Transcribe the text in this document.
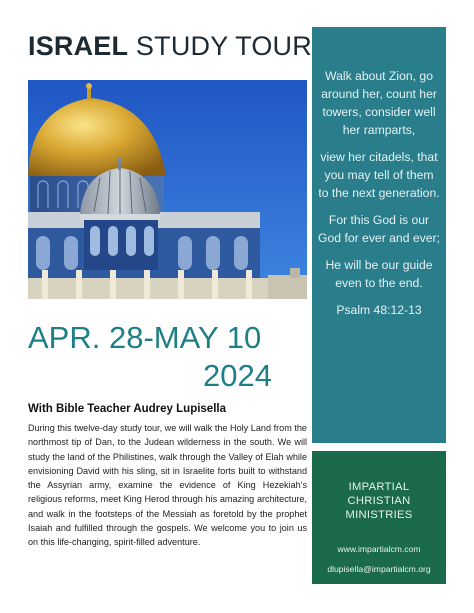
ISRAEL STUDY TOUR
APR. 28-MAY 10
2024
With Bible Teacher Audrey Lupisella
During this twelve-day study tour, we will walk the Holy Land from the northmost tip of Dan, to the Judean wilderness in the south. We will study the land of the Philistines, walk through the Valley of Elah while envisioning David with his sling, sit in Israelite forts built to withstand the Assyrian army, examine the evidence of King Hezekiah's religious reforms, meet King Herod through his amazing architecture, and walk in the footsteps of the Messiah as foretold by the prophet Isaiah and fulfilled through the gospels. We welcome you to join us on this life-changing, spirit-filled adventure.

Walk about Zion, go around her, count her towers, consider well her ramparts,

view her citadels, that you may tell of them to the next generation.

For this God is our God for ever and ever;

He will be our guide even to the end.

Psalm 48:12-13

IMPARTIAL
CHRISTIAN
MINISTRIES
www.impartialcm.com
dlupisella@impartialcm.org
